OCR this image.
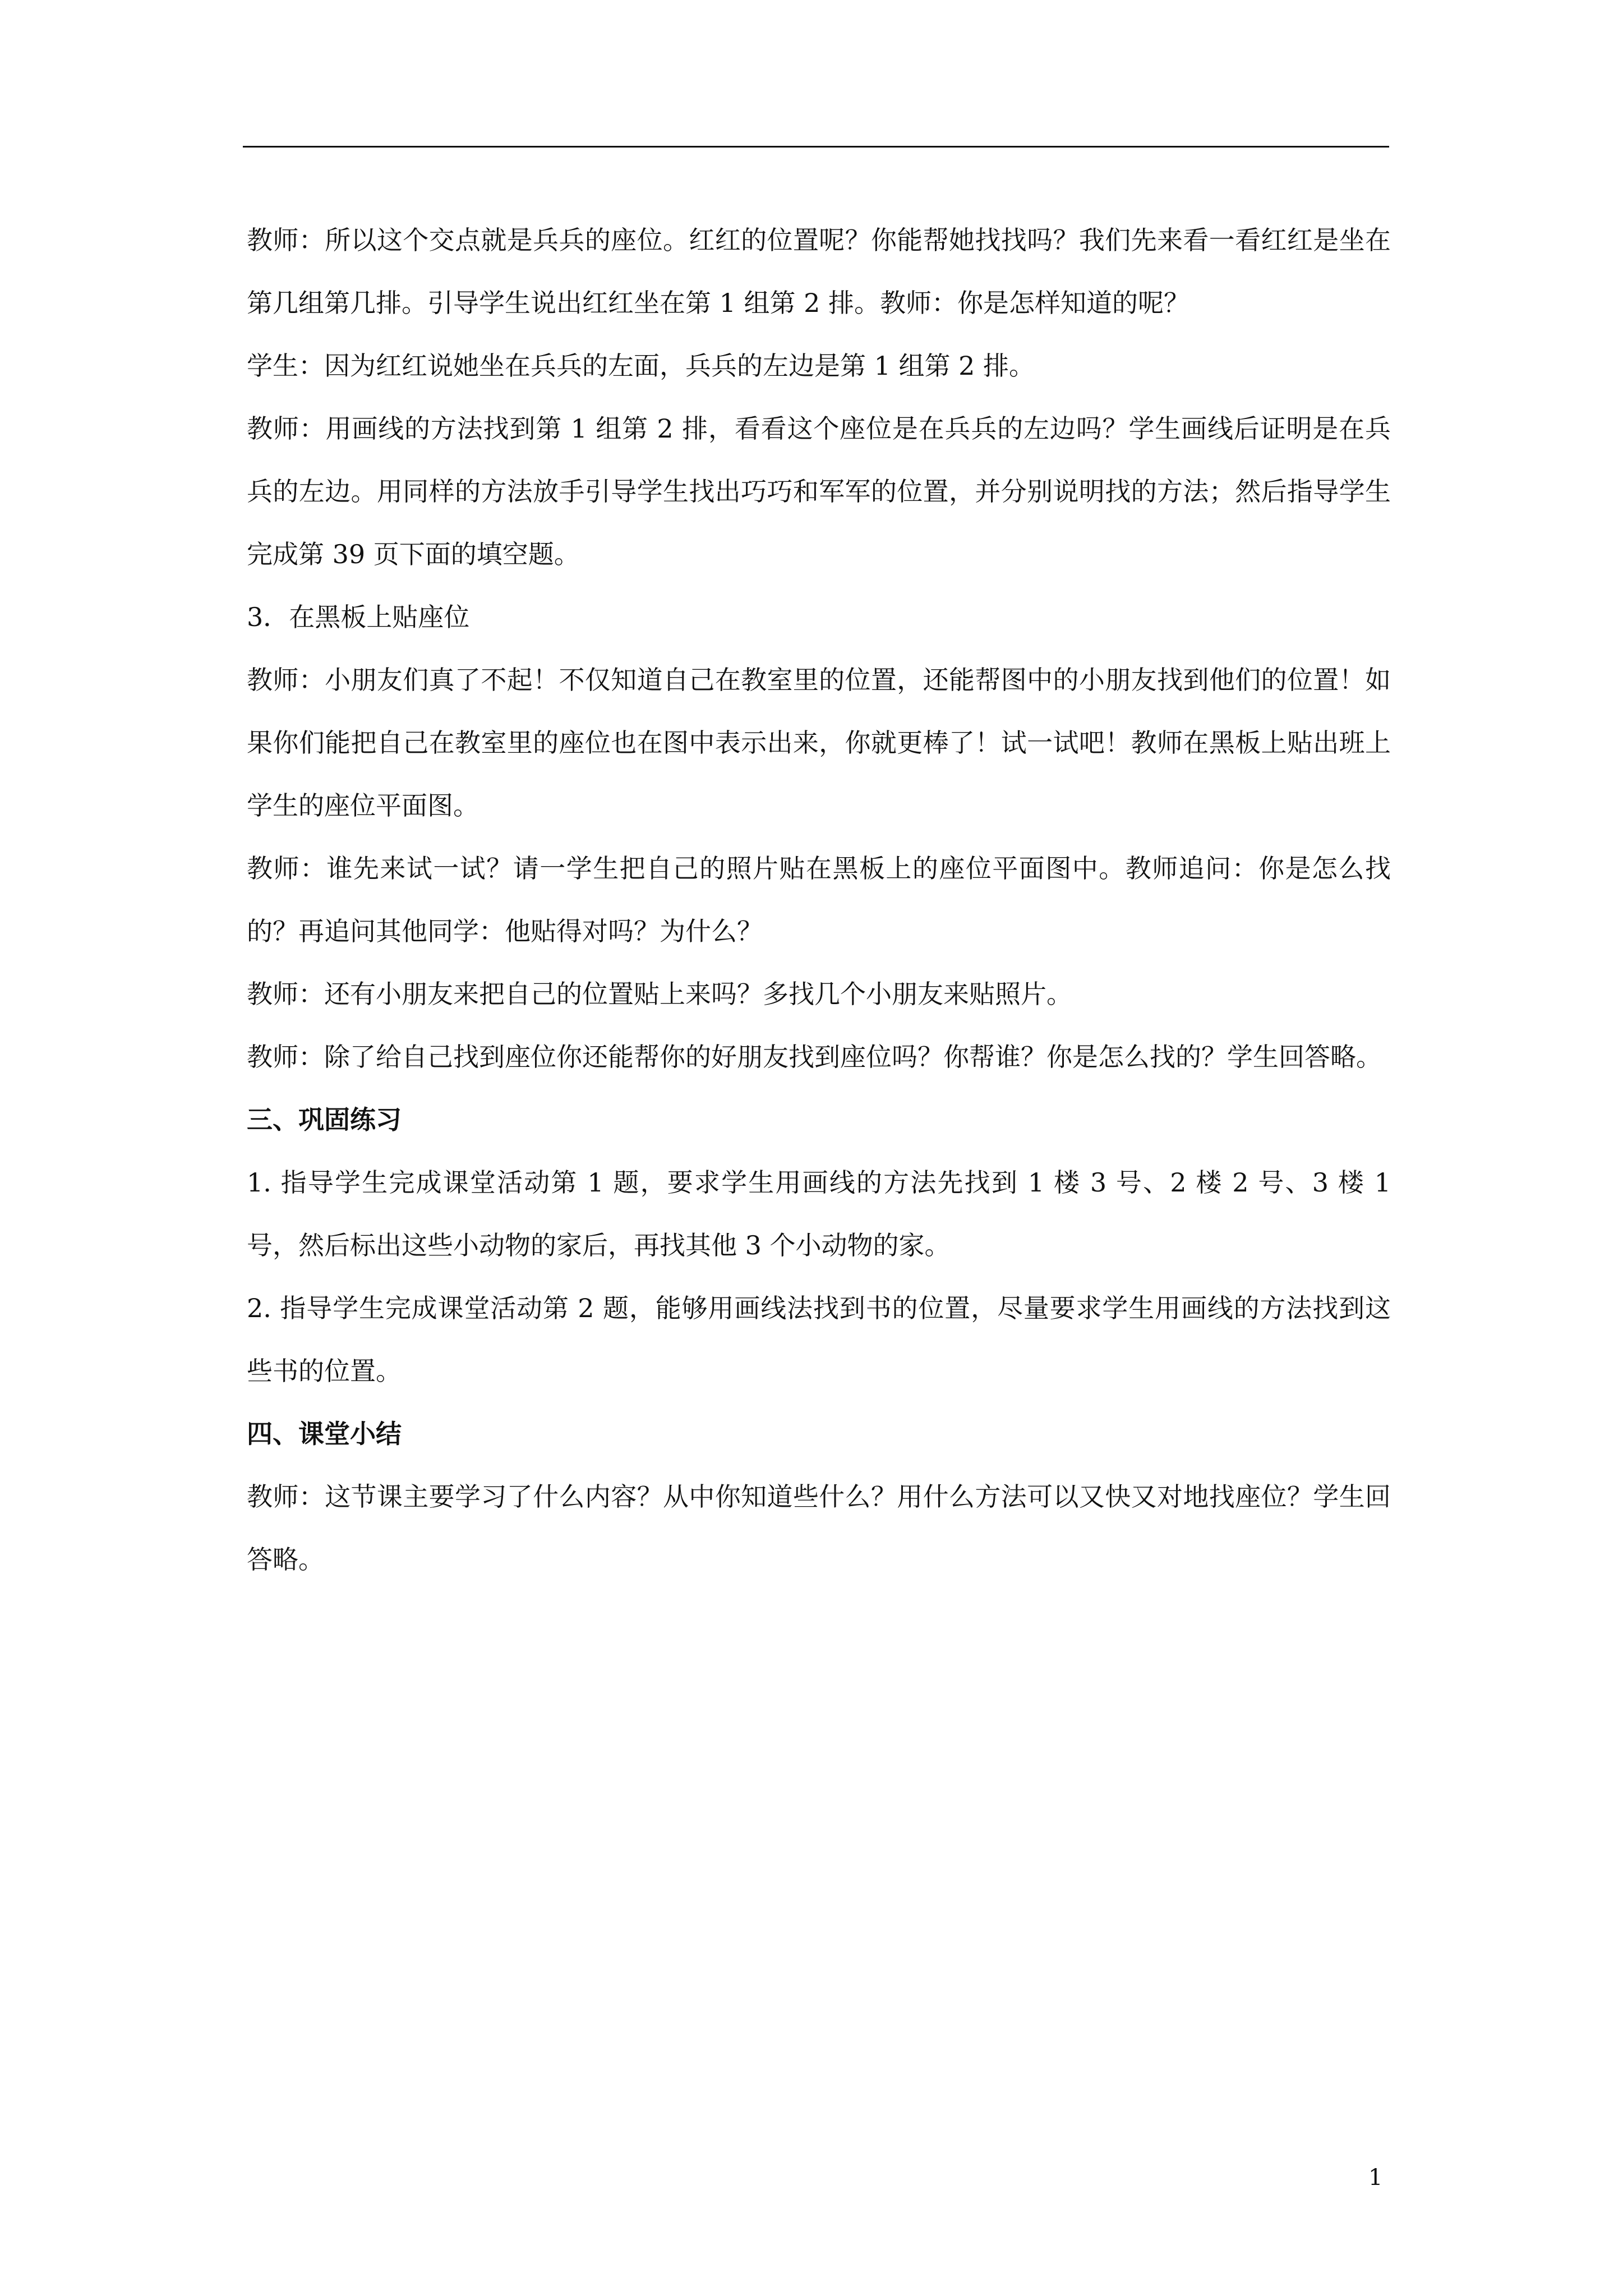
教师：所以这个交点就是兵兵的座位。红红的位置呢？你能帮她找找吗？我们先来看一看红红是坐在第几组第几排。引导学生说出红红坐在第 1 组第 2 排。教师：你是怎样知道的呢？

学生：因为红红说她坐在兵兵的左面，兵兵的左边是第 1 组第 2 排。

教师：用画线的方法找到第 1 组第 2 排，看看这个座位是在兵兵的左边吗？学生画线后证明是在兵兵的左边。用同样的方法放手引导学生找出巧巧和军军的位置，并分别说明找的方法；然后指导学生完成第 39 页下面的填空题。

3．在黑板上贴座位

教师：小朋友们真了不起！不仅知道自己在教室里的位置，还能帮图中的小朋友找到他们的位置！如果你们能把自己在教室里的座位也在图中表示出来，你就更棒了！试一试吧！教师在黑板上贴出班上学生的座位平面图。

教师：谁先来试一试？请一学生把自己的照片贴在黑板上的座位平面图中。教师追问：你是怎么找的？再追问其他同学：他贴得对吗？为什么？

教师：还有小朋友来把自己的位置贴上来吗？多找几个小朋友来贴照片。

教师：除了给自己找到座位你还能帮你的好朋友找到座位吗？你帮谁？你是怎么找的？学生回答略。

三、巩固练习

1. 指导学生完成课堂活动第 1 题，要求学生用画线的方法先找到 1 楼 3 号、2 楼 2 号、3 楼 1 号，然后标出这些小动物的家后，再找其他 3 个小动物的家。

2. 指导学生完成课堂活动第 2 题，能够用画线法找到书的位置，尽量要求学生用画线的方法找到这些书的位置。

四、课堂小结

教师：这节课主要学习了什么内容？从中你知道些什么？用什么方法可以又快又对地找座位？学生回答略。

1
